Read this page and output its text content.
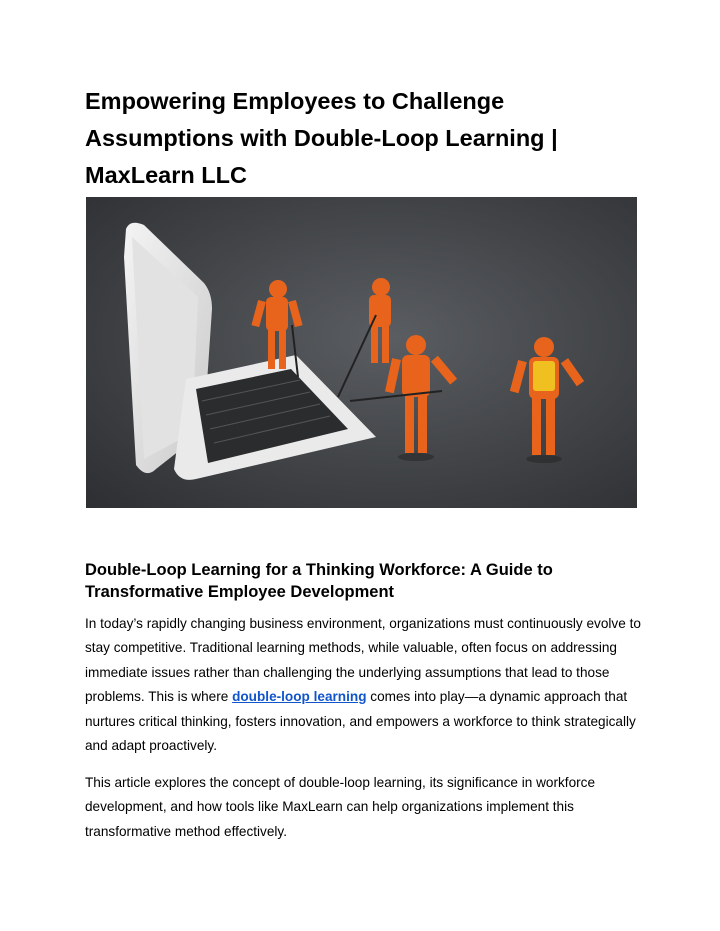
Empowering Employees to Challenge Assumptions with Double-Loop Learning | MaxLearn LLC
Double-Loop Learning for a Thinking Workforce: A Guide to Transformative Employee Development

In today’s rapidly changing business environment, organizations must continuously evolve to stay competitive. Traditional learning methods, while valuable, often focus on addressing immediate issues rather than challenging the underlying assumptions that lead to those problems. This is where double-loop learning comes into play—a dynamic approach that nurtures critical thinking, fosters innovation, and empowers a workforce to think strategically and adapt proactively.

This article explores the concept of double-loop learning, its significance in workforce development, and how tools like MaxLearn can help organizations implement this transformative method effectively.
